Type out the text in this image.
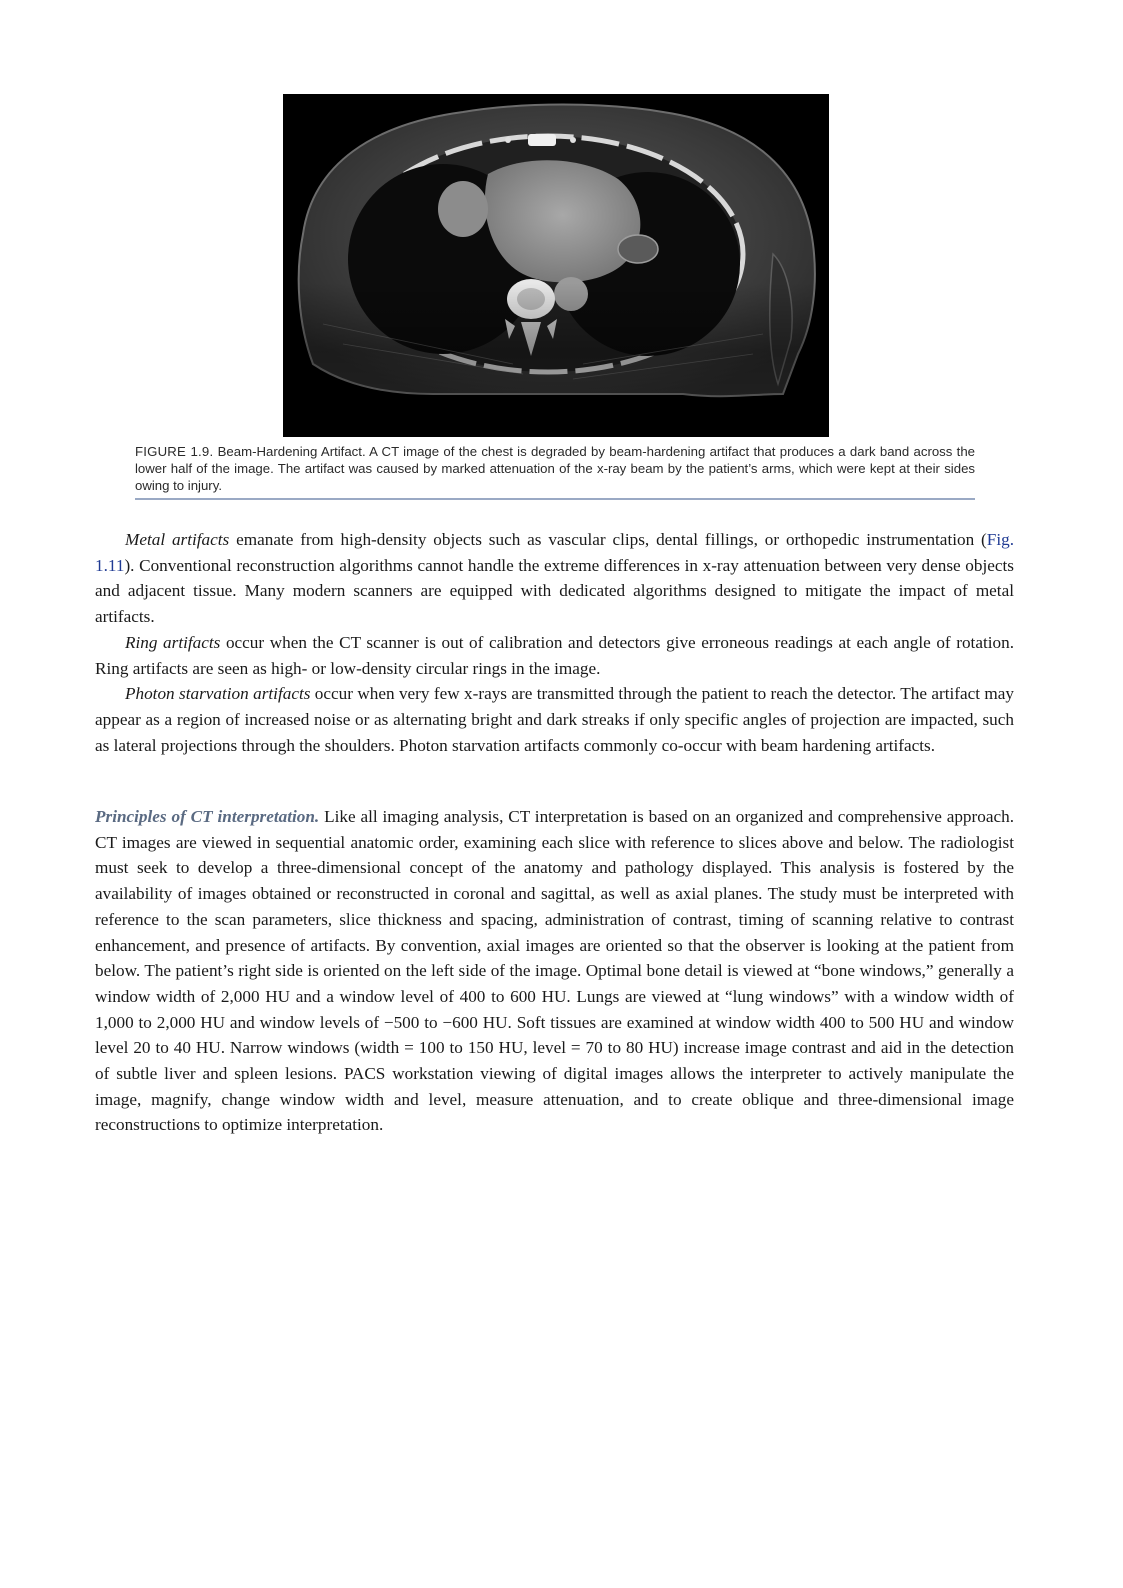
FIGURE 1.9. Beam-Hardening Artifact. A CT image of the chest is degraded by beam-hardening artifact that produces a dark band across the lower half of the image. The artifact was caused by marked attenuation of the x-ray beam by the patient’s arms, which were kept at their sides owing to injury.

Metal artifacts emanate from high-density objects such as vascular clips, dental fillings, or orthopedic instrumentation (Fig. 1.11). Conventional reconstruction algorithms cannot handle the extreme differences in x-ray attenuation between very dense objects and adjacent tissue. Many modern scanners are equipped with dedicated algorithms designed to mitigate the impact of metal artifacts.

Ring artifacts occur when the CT scanner is out of calibration and detectors give erroneous readings at each angle of rotation. Ring artifacts are seen as high- or low-density circular rings in the image.

Photon starvation artifacts occur when very few x-rays are transmitted through the patient to reach the detector. The artifact may appear as a region of increased noise or as alternating bright and dark streaks if only specific angles of projection are impacted, such as lateral projections through the shoulders. Photon starvation artifacts commonly co-occur with beam hardening artifacts.

Principles of CT interpretation. Like all imaging analysis, CT interpretation is based on an organized and comprehensive approach. CT images are viewed in sequential anatomic order, examining each slice with reference to slices above and below. The radiologist must seek to develop a three-dimensional concept of the anatomy and pathology displayed. This analysis is fostered by the availability of images obtained or reconstructed in coronal and sagittal, as well as axial planes. The study must be interpreted with reference to the scan parameters, slice thickness and spacing, administration of contrast, timing of scanning relative to contrast enhancement, and presence of artifacts. By convention, axial images are oriented so that the observer is looking at the patient from below. The patient’s right side is oriented on the left side of the image. Optimal bone detail is viewed at “bone windows,” generally a window width of 2,000 HU and a window level of 400 to 600 HU. Lungs are viewed at “lung windows” with a window width of 1,000 to 2,000 HU and window levels of −500 to −600 HU. Soft tissues are examined at window width 400 to 500 HU and window level 20 to 40 HU. Narrow windows (width = 100 to 150 HU, level = 70 to 80 HU) increase image contrast and aid in the detection of subtle liver and spleen lesions. PACS workstation viewing of digital images allows the interpreter to actively manipulate the image, magnify, change window width and level, measure attenuation, and to create oblique and three-dimensional image reconstructions to optimize interpretation.
